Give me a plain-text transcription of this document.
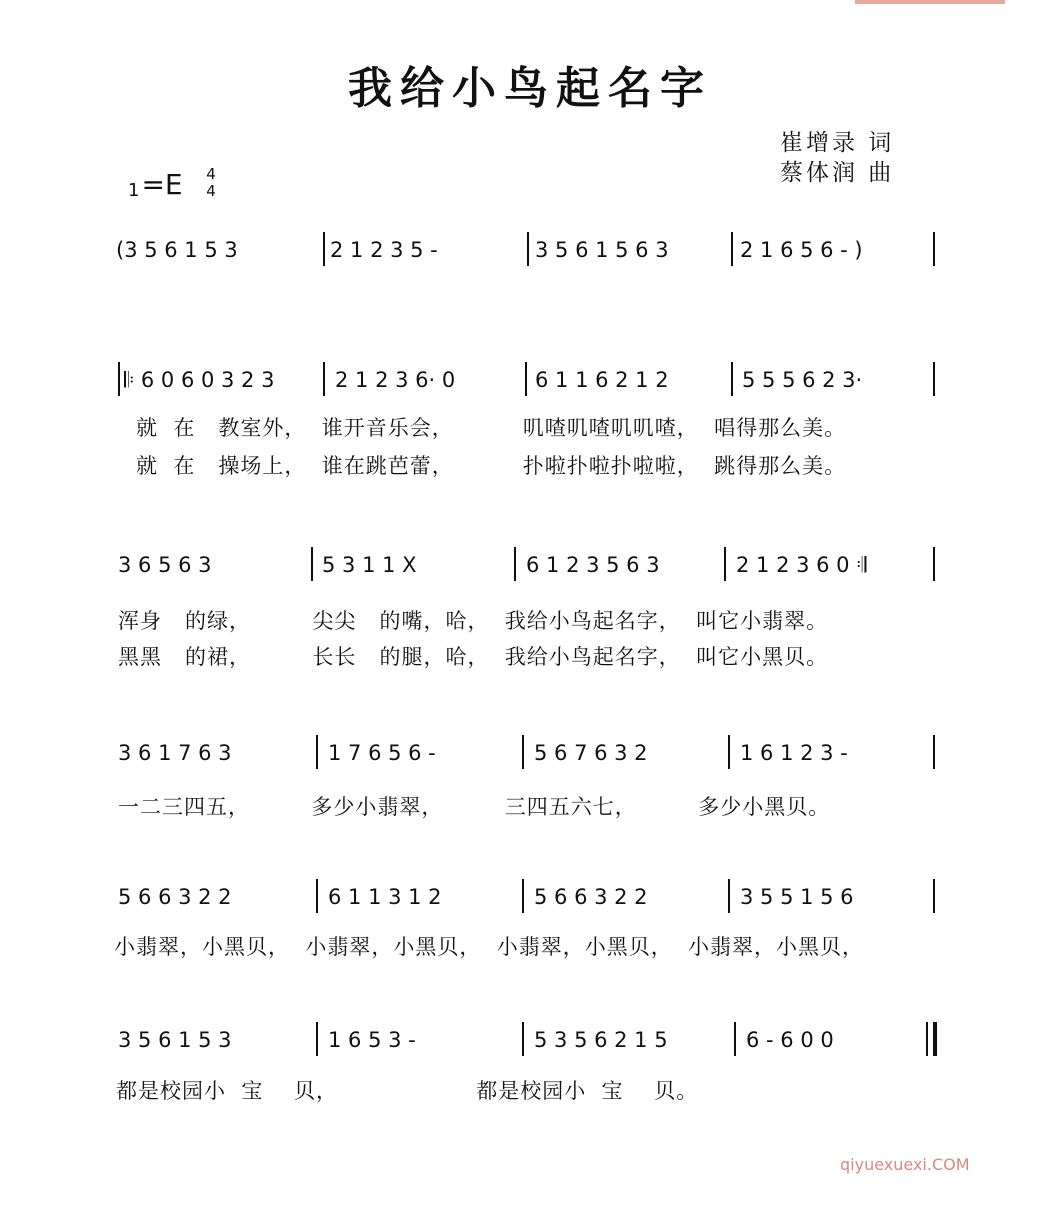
我给小鸟起名字
崔增录 词
蔡体润 曲
1=E 4
4
(3 5 6 1 5 3	2 1 2 3 5 -	3 5 6 1 5 6 3	2 1 6 5 6 - )
𝄆 6 0 6 0 3 2 3	2 1 2 3 6· 0	6 1 1 6 2 1 2	5 5 5 6 2 3·
就  在   教室外，  谁开音乐会，         叽喳叽喳叽叽喳，  唱得那么美。
就  在   操场上，  谁在跳芭蕾，         扑啦扑啦扑啦啦，  跳得那么美。
3 6 5 6 3	5 3 1 1 X	6 1 2 3 5 6 3	2 1 2 3 6 0 𝄇
浑身   的绿，        尖尖   的嘴，哈，  我给小鸟起名字，  叫它小翡翠。
黑黑   的裙，        长长   的腿，哈，  我给小鸟起名字，  叫它小黑贝。
3 6 1 7 6 3	1 7 6 5 6 -	5 6 7 6 3 2	1 6 1 2 3 -
一二三四五，        多少小翡翠，        三四五六七，        多少小黑贝。
5 6 6 3 2 2	6 1 1 3 1 2	5 6 6 3 2 2	3 5 5 1 5 6
小翡翠，小黑贝，  小翡翠，小黑贝，  小翡翠，小黑贝，  小翡翠，小黑贝，
3 5 6 1 5 3	1 6 5 3 -	5 3 5 6 2 1 5	6 - 6 0 0
都是校园小  宝    贝，                  都是校园小  宝    贝。
qiyuexuexi.COM
